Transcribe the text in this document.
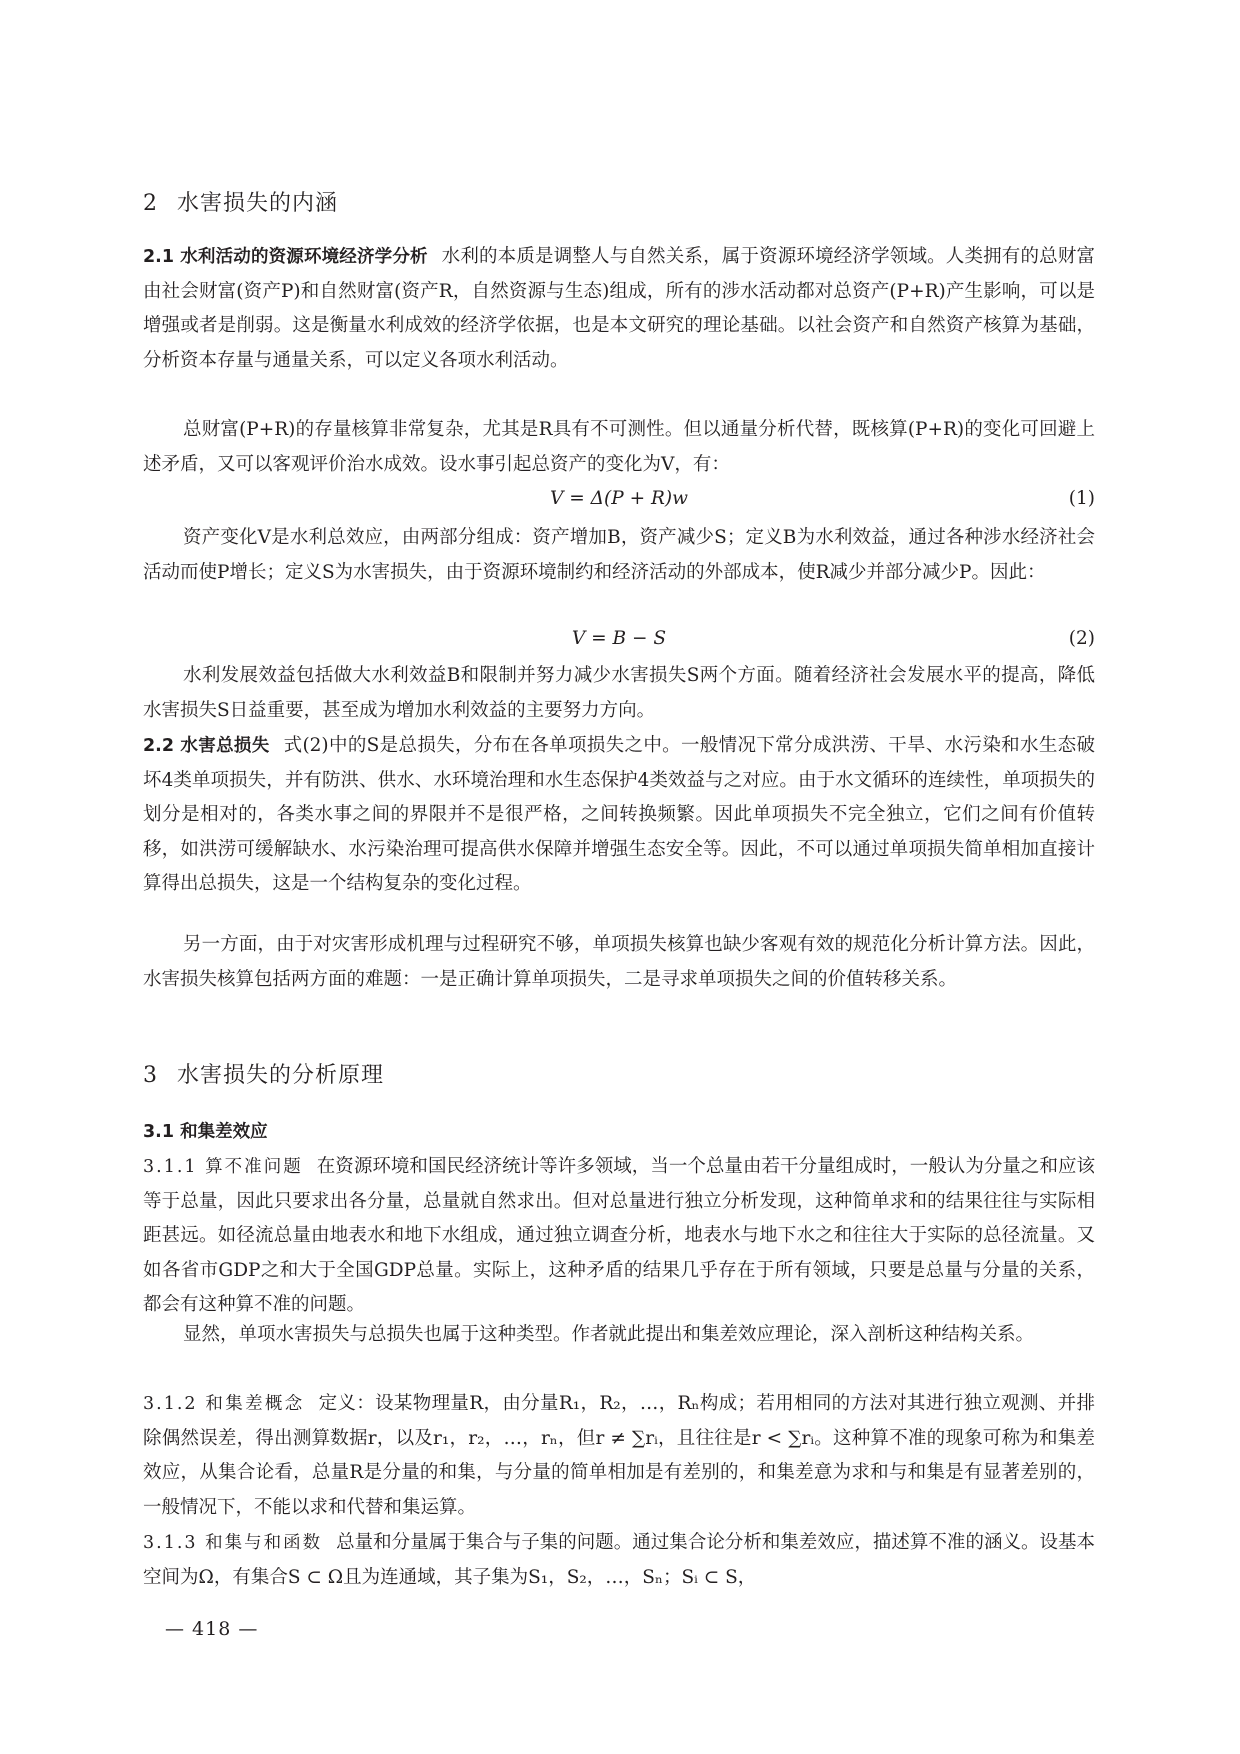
2 水害损失的内涵
2.1 水利活动的资源环境经济学分析 水利的本质是调整人与自然关系，属于资源环境经济学领域。人类拥有的总财富由社会财富(资产P)和自然财富(资产R，自然资源与生态)组成，所有的涉水活动都对总资产(P+R)产生影响，可以是增强或者是削弱。这是衡量水利成效的经济学依据，也是本文研究的理论基础。以社会资产和自然资产核算为基础，分析资本存量与通量关系，可以定义各项水利活动。
总财富(P+R)的存量核算非常复杂，尤其是R具有不可测性。但以通量分析代替，既核算(P+R)的变化可回避上述矛盾，又可以客观评价治水成效。设水事引起总资产的变化为V，有：
V = Δ(P + R)w	(1)
资产变化V是水利总效应，由两部分组成：资产增加B，资产减少S；定义B为水利效益，通过各种涉水经济社会活动而使P增长；定义S为水害损失，由于资源环境制约和经济活动的外部成本，使R减少并部分减少P。因此：
V = B − S	(2)
水利发展效益包括做大水利效益B和限制并努力减少水害损失S两个方面。随着经济社会发展水平的提高，降低水害损失S日益重要，甚至成为增加水利效益的主要努力方向。
2.2 水害总损失 式(2)中的S是总损失，分布在各单项损失之中。一般情况下常分成洪涝、干旱、水污染和水生态破坏4类单项损失，并有防洪、供水、水环境治理和水生态保护4类效益与之对应。由于水文循环的连续性，单项损失的划分是相对的，各类水事之间的界限并不是很严格，之间转换频繁。因此单项损失不完全独立，它们之间有价值转移，如洪涝可缓解缺水、水污染治理可提高供水保障并增强生态安全等。因此，不可以通过单项损失简单相加直接计算得出总损失，这是一个结构复杂的变化过程。
另一方面，由于对灾害形成机理与过程研究不够，单项损失核算也缺少客观有效的规范化分析计算方法。因此，水害损失核算包括两方面的难题：一是正确计算单项损失，二是寻求单项损失之间的价值转移关系。
3 水害损失的分析原理
3.1 和集差效应
3.1.1 算不准问题 在资源环境和国民经济统计等许多领域，当一个总量由若干分量组成时，一般认为分量之和应该等于总量，因此只要求出各分量，总量就自然求出。但对总量进行独立分析发现，这种简单求和的结果往往与实际相距甚远。如径流总量由地表水和地下水组成，通过独立调查分析，地表水与地下水之和往往大于实际的总径流量。又如各省市GDP之和大于全国GDP总量。实际上，这种矛盾的结果几乎存在于所有领域，只要是总量与分量的关系，都会有这种算不准的问题。
显然，单项水害损失与总损失也属于这种类型。作者就此提出和集差效应理论，深入剖析这种结构关系。
3.1.2 和集差概念 定义：设某物理量R，由分量R₁，R₂，…，Rₙ构成；若用相同的方法对其进行独立观测、并排除偶然误差，得出测算数据r，以及r₁，r₂，…，rₙ，但r ≠ ∑rᵢ，且往往是r < ∑rᵢ。这种算不准的现象可称为和集差效应，从集合论看，总量R是分量的和集，与分量的简单相加是有差别的，和集差意为求和与和集是有显著差别的，一般情况下，不能以求和代替和集运算。
3.1.3 和集与和函数 总量和分量属于集合与子集的问题。通过集合论分析和集差效应，描述算不准的涵义。设基本空间为Ω，有集合S ⊂ Ω且为连通域，其子集为S₁，S₂，…，Sₙ；Sᵢ ⊂ S，
— 418 —
